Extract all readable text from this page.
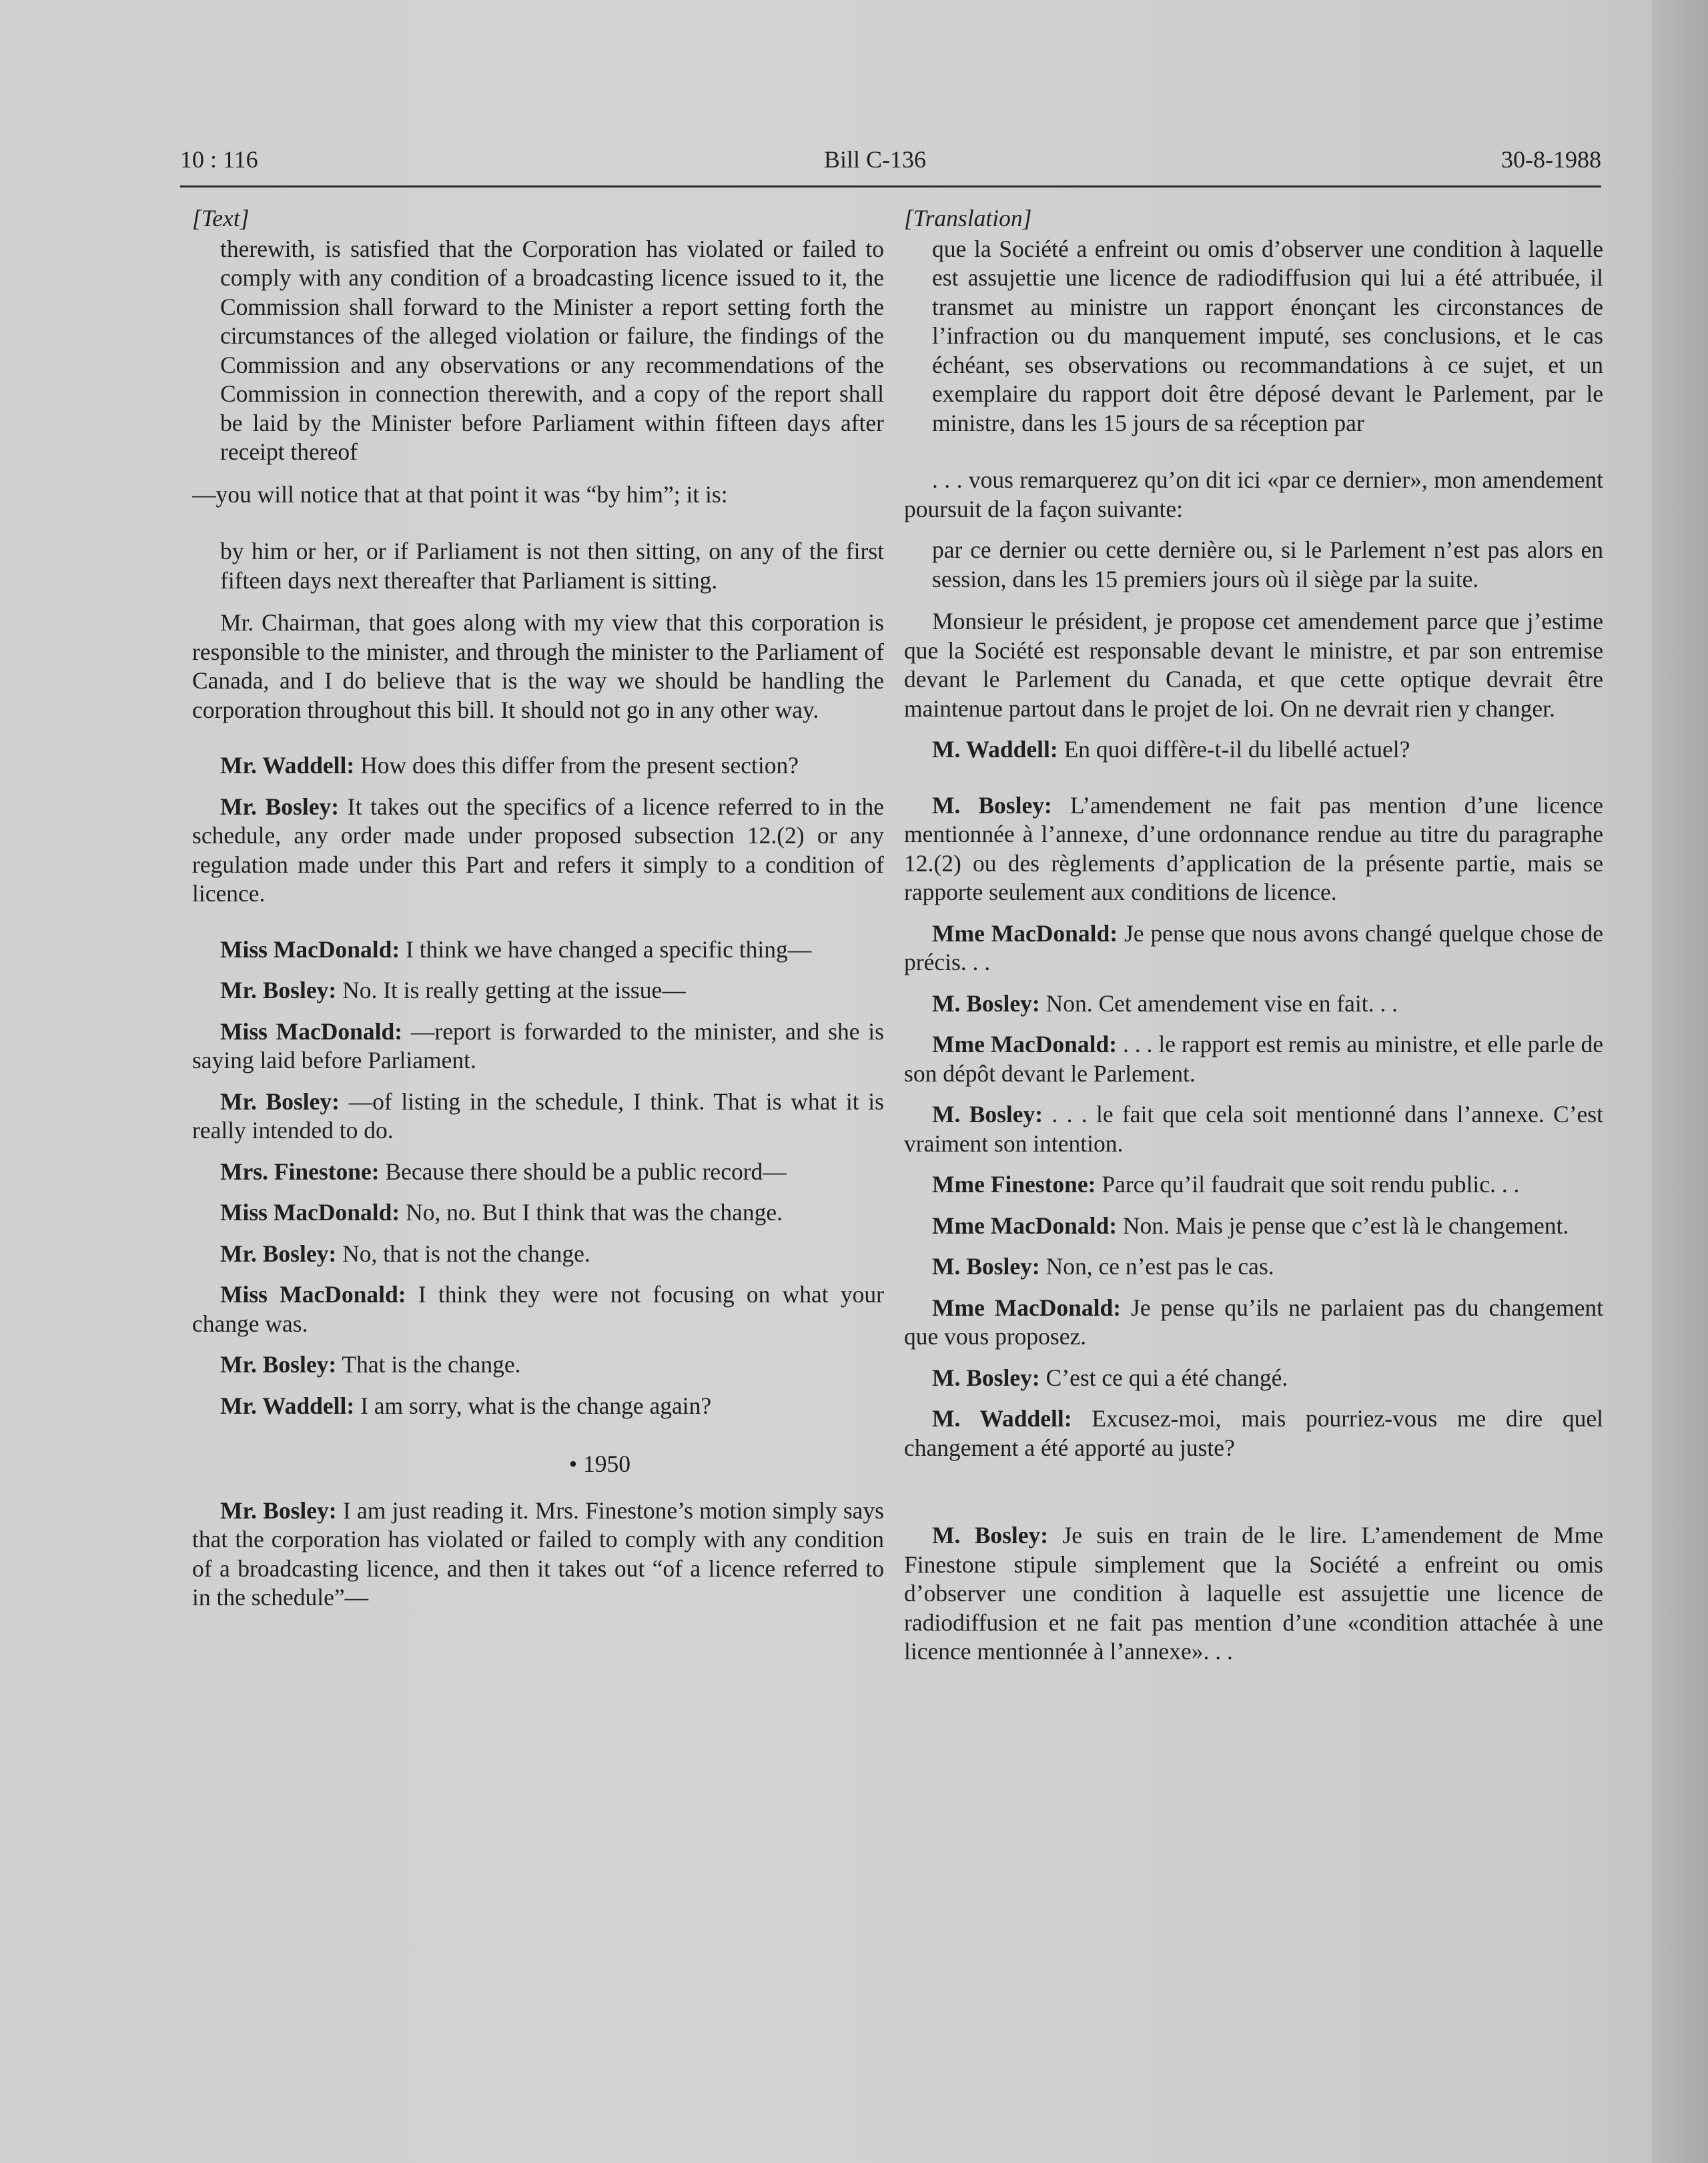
10 : 116	Bill C-136	30-8-1988
[Text]

therewith, is satisfied that the Corporation has violated or failed to comply with any condition of a broadcasting licence issued to it, the Commission shall forward to the Minister a report setting forth the circumstances of the alleged violation or failure, the findings of the Commission and any observations or any recommendations of the Commission in connection therewith, and a copy of the report shall be laid by the Minister before Parliament within fifteen days after receipt thereof

—you will notice that at that point it was “by him”; it is:

by him or her, or if Parliament is not then sitting, on any of the first fifteen days next thereafter that Parliament is sitting.

Mr. Chairman, that goes along with my view that this corporation is responsible to the minister, and through the minister to the Parliament of Canada, and I do believe that is the way we should be handling the corporation throughout this bill. It should not go in any other way.

Mr. Waddell: How does this differ from the present section?

Mr. Bosley: It takes out the specifics of a licence referred to in the schedule, any order made under proposed subsection 12.(2) or any regulation made under this Part and refers it simply to a condition of licence.

Miss MacDonald: I think we have changed a specific thing—

Mr. Bosley: No. It is really getting at the issue—

Miss MacDonald: —report is forwarded to the minister, and she is saying laid before Parliament.

Mr. Bosley: —of listing in the schedule, I think. That is what it is really intended to do.

Mrs. Finestone: Because there should be a public record—

Miss MacDonald: No, no. But I think that was the change.

Mr. Bosley: No, that is not the change.

Miss MacDonald: I think they were not focusing on what your change was.

Mr. Bosley: That is the change.

Mr. Waddell: I am sorry, what is the change again?

• 1950

Mr. Bosley: I am just reading it. Mrs. Finestone’s motion simply says that the corporation has violated or failed to comply with any condition of a broadcasting licence, and then it takes out “of a licence referred to in the schedule”—

[Translation]

que la Société a enfreint ou omis d’observer une condition à laquelle est assujettie une licence de radiodiffusion qui lui a été attribuée, il transmet au ministre un rapport énonçant les circonstances de l’infraction ou du manquement imputé, ses conclusions, et le cas échéant, ses observations ou recommandations à ce sujet, et un exemplaire du rapport doit être déposé devant le Parlement, par le ministre, dans les 15 jours de sa réception par

. . . vous remarquerez qu’on dit ici «par ce dernier», mon amendement poursuit de la façon suivante:

par ce dernier ou cette dernière ou, si le Parlement n’est pas alors en session, dans les 15 premiers jours où il siège par la suite.

Monsieur le président, je propose cet amendement parce que j’estime que la Société est responsable devant le ministre, et par son entremise devant le Parlement du Canada, et que cette optique devrait être maintenue partout dans le projet de loi. On ne devrait rien y changer.

M. Waddell: En quoi diffère-t-il du libellé actuel?

M. Bosley: L’amendement ne fait pas mention d’une licence mentionnée à l’annexe, d’une ordonnance rendue au titre du paragraphe 12.(2) ou des règlements d’application de la présente partie, mais se rapporte seulement aux conditions de licence.

Mme MacDonald: Je pense que nous avons changé quelque chose de précis. . .

M. Bosley: Non. Cet amendement vise en fait. . .

Mme MacDonald: . . . le rapport est remis au ministre, et elle parle de son dépôt devant le Parlement.

M. Bosley: . . . le fait que cela soit mentionné dans l’annexe. C’est vraiment son intention.

Mme Finestone: Parce qu’il faudrait que soit rendu public. . .

Mme MacDonald: Non. Mais je pense que c’est là le changement.

M. Bosley: Non, ce n’est pas le cas.

Mme MacDonald: Je pense qu’ils ne parlaient pas du changement que vous proposez.

M. Bosley: C’est ce qui a été changé.

M. Waddell: Excusez-moi, mais pourriez-vous me dire quel changement a été apporté au juste?

M. Bosley: Je suis en train de le lire. L’amendement de Mme Finestone stipule simplement que la Société a enfreint ou omis d’observer une condition à laquelle est assujettie une licence de radiodiffusion et ne fait pas mention d’une «condition attachée à une licence mentionnée à l’annexe». . .
